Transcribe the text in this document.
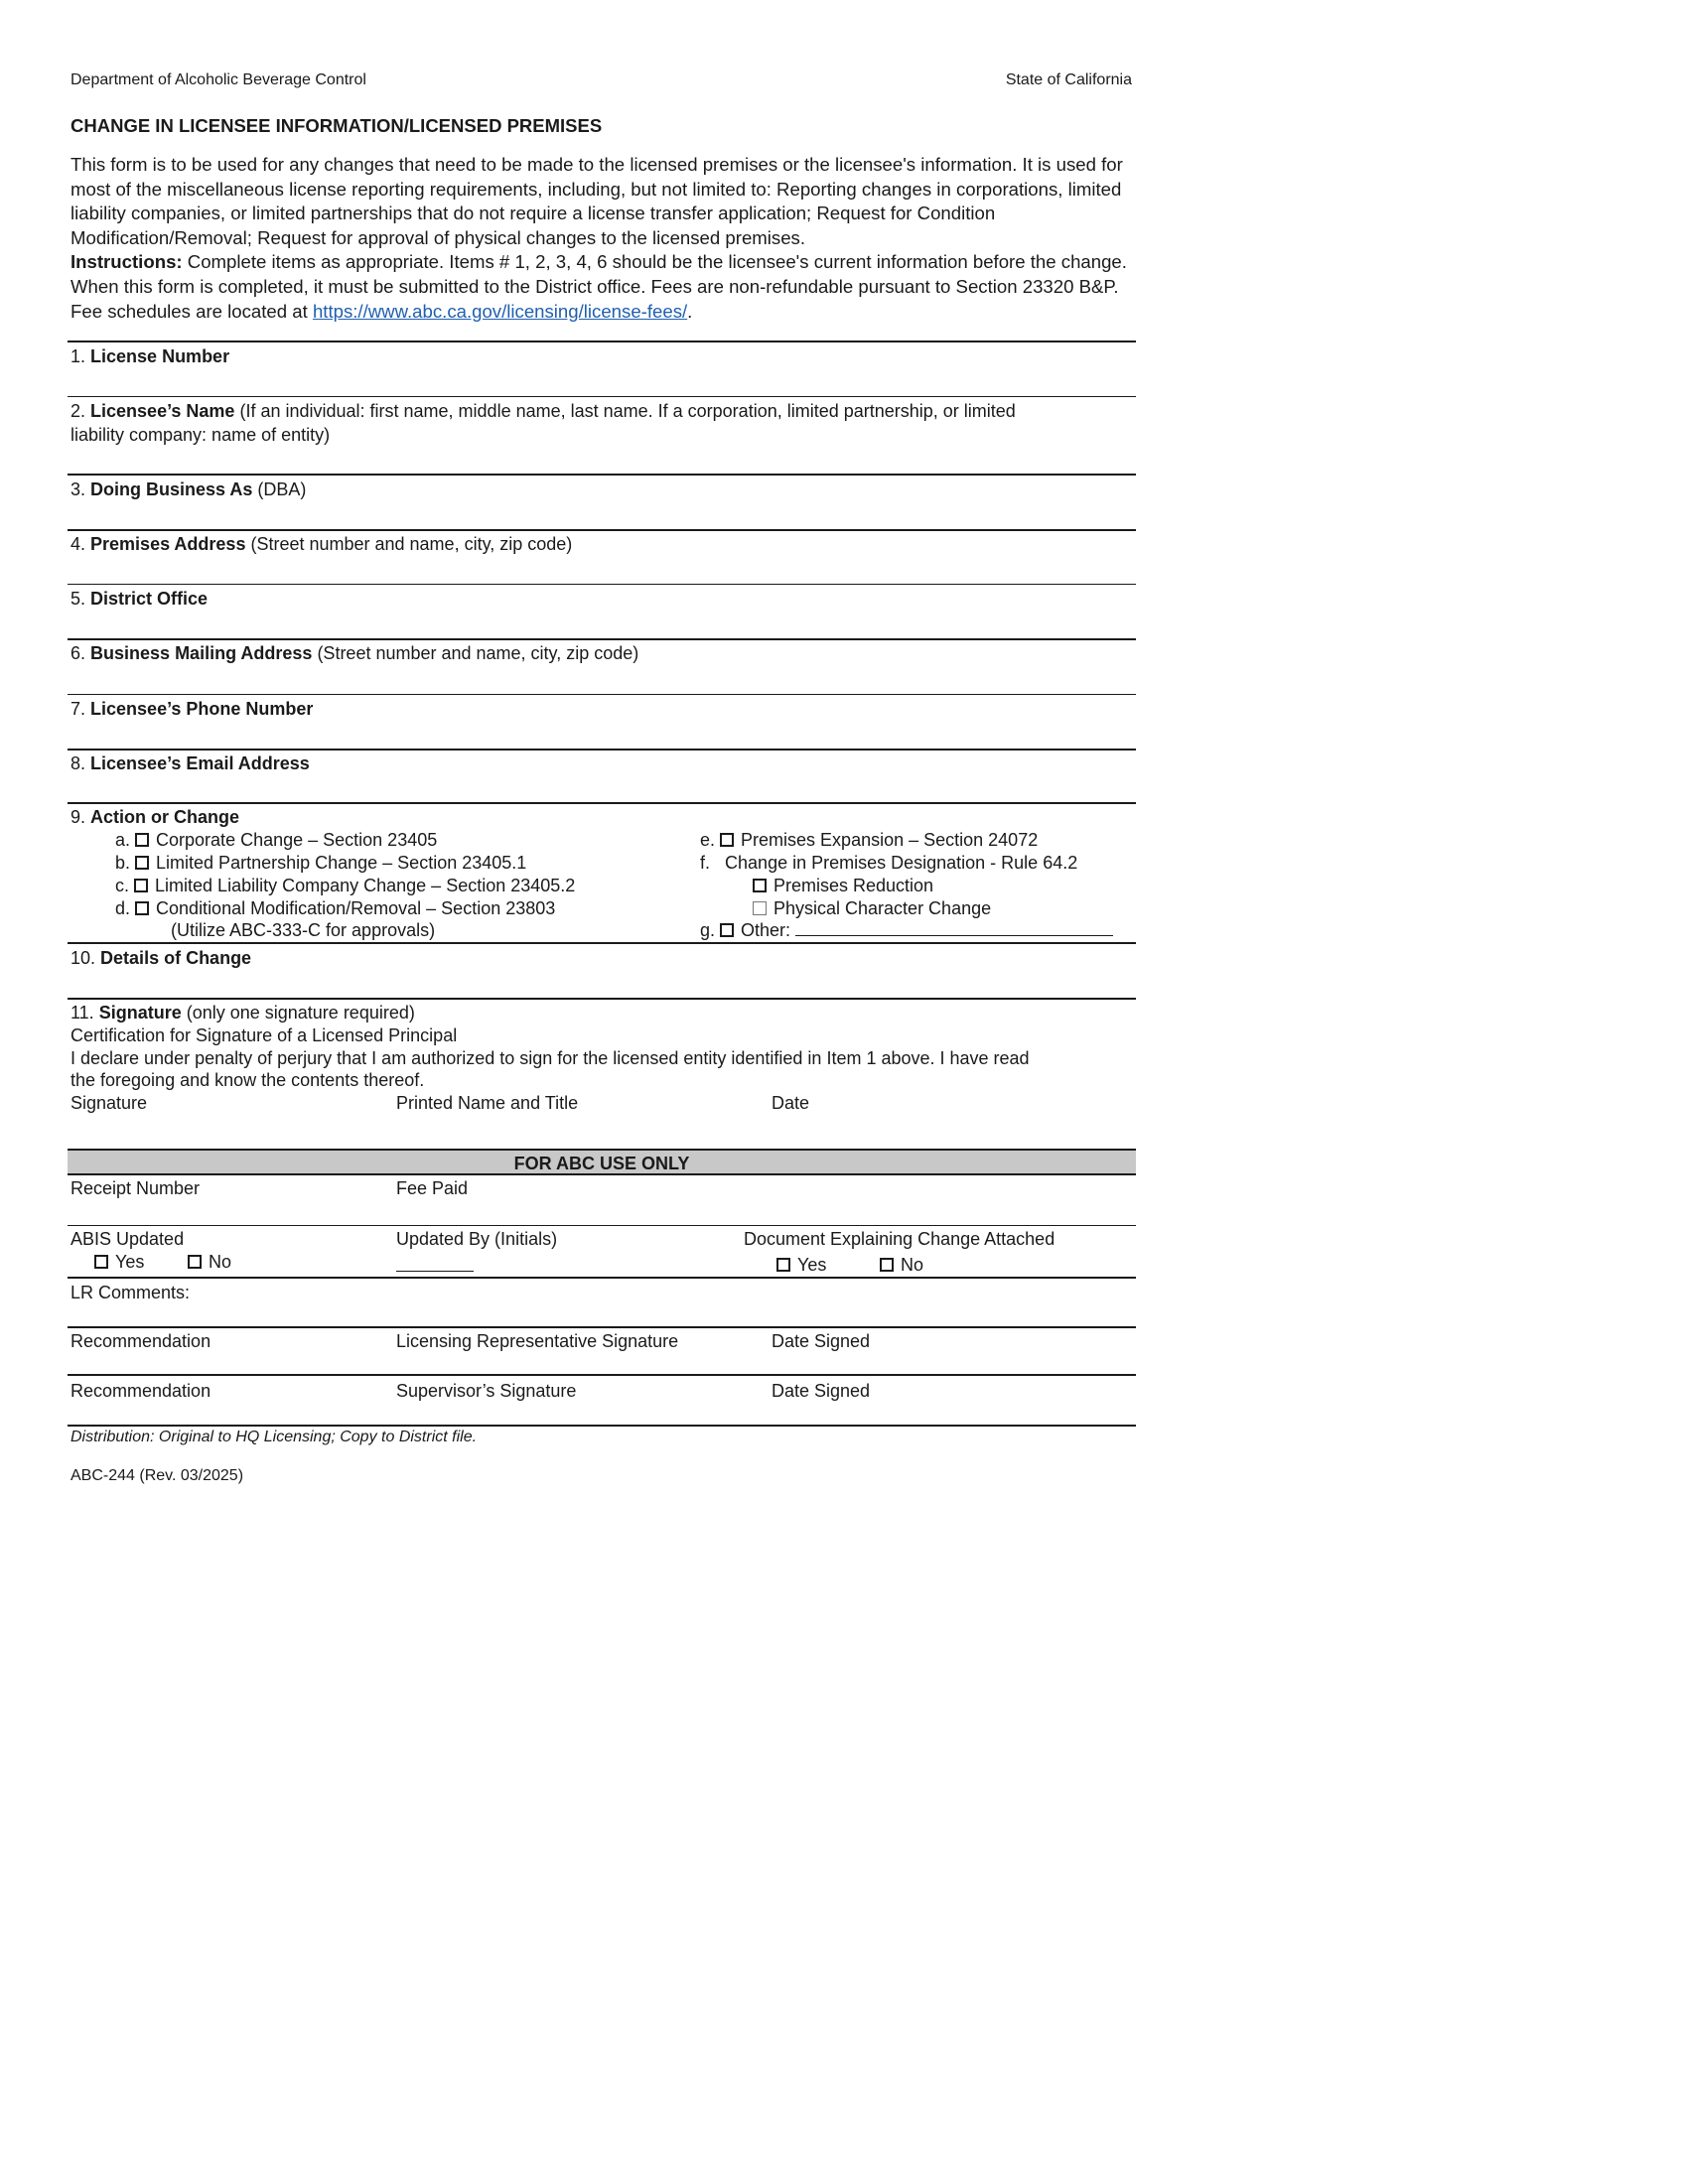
Department of Alcoholic Beverage Control	State of California
CHANGE IN LICENSEE INFORMATION/LICENSED PREMISES
This form is to be used for any changes that need to be made to the licensed premises or the licensee's information. It is used for most of the miscellaneous license reporting requirements, including, but not limited to: Reporting changes in corporations, limited liability companies, or limited partnerships that do not require a license transfer application; Request for Condition Modification/Removal; Request for approval of physical changes to the licensed premises.
Instructions: Complete items as appropriate. Items # 1, 2, 3, 4, 6 should be the licensee's current information before the change. When this form is completed, it must be submitted to the District office. Fees are non-refundable pursuant to Section 23320 B&P. Fee schedules are located at https://www.abc.ca.gov/licensing/license-fees/.
1. License Number
2. Licensee’s Name (If an individual: first name, middle name, last name. If a corporation, limited partnership, or limited
liability company: name of entity)
3. Doing Business As (DBA)
4. Premises Address (Street number and name, city, zip code)
5. District Office
6. Business Mailing Address (Street number and name, city, zip code)
7. Licensee’s Phone Number
8. Licensee’s Email Address
9. Action or Change
a. Corporate Change – Section 23405
b. Limited Partnership Change – Section 23405.1
c. Limited Liability Company Change – Section 23405.2
d. Conditional Modification/Removal – Section 23803
(Utilize ABC-333-C for approvals)
e. Premises Expansion – Section 24072
f. Change in Premises Designation - Rule 64.2
Premises Reduction
Physical Character Change
g. Other:
10. Details of Change
11. Signature (only one signature required)
Certification for Signature of a Licensed Principal
I declare under penalty of perjury that I am authorized to sign for the licensed entity identified in Item 1 above. I have read
the foregoing and know the contents thereof.
Signature	Printed Name and Title	Date
FOR ABC USE ONLY
Receipt Number	Fee Paid
ABIS Updated
Yes	No
Updated By (Initials)	Document Explaining Change Attached
Yes	No
LR Comments:
Recommendation	Licensing Representative Signature	Date Signed
Recommendation	Supervisor’s Signature	Date Signed
Distribution: Original to HQ Licensing; Copy to District file.
ABC-244 (Rev. 03/2025)
